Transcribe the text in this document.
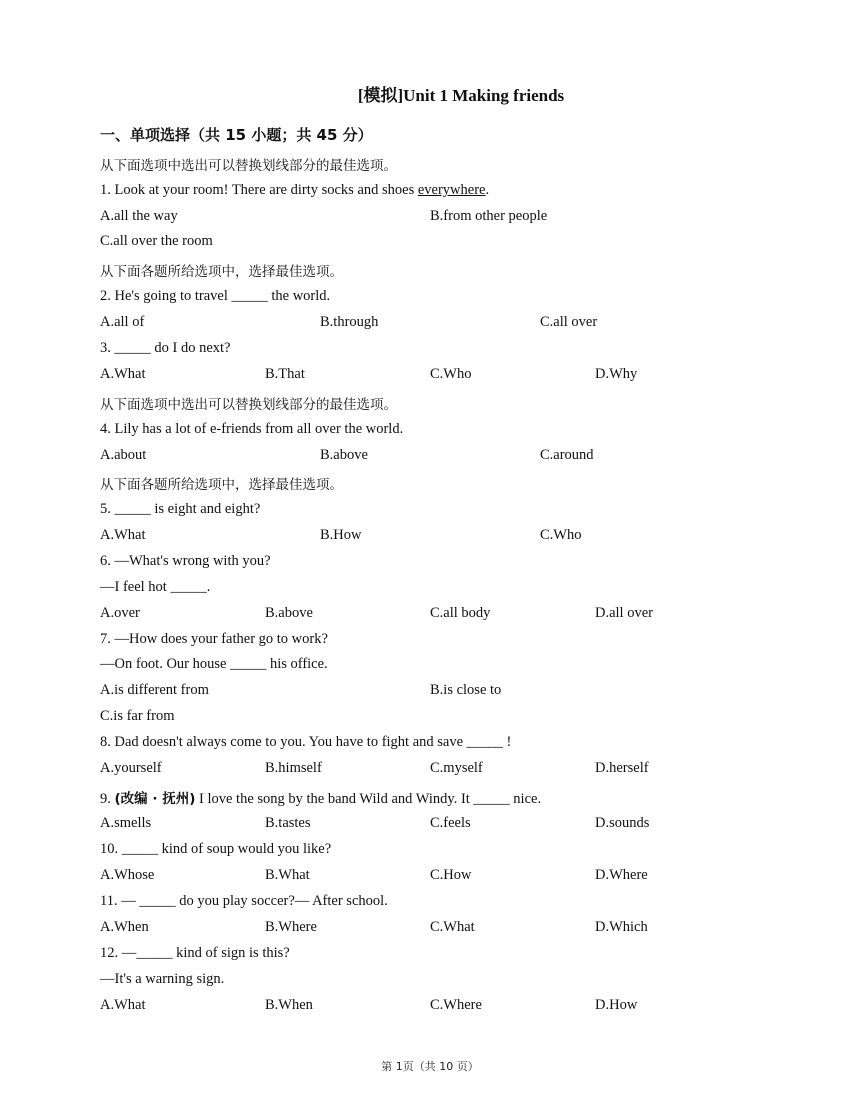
[模拟]Unit 1 Making friends
一、单项选择（共 15 小题；共 45 分）
从下面选项中选出可以替换划线部分的最佳选项。
1. Look at your room! There are dirty socks and shoes everywhere.
A.all the way	B.from other people
C.all over the room
从下面各题所给选项中，选择最佳选项。
2. He's going to travel _____ the world.
A.all of	B.through	C.all over
3. _____ do I do next?
A.What	B.That	C.Who	D.Why
从下面选项中选出可以替换划线部分的最佳选项。
4. Lily has a lot of e-friends from all over the world.
A.about	B.above	C.around
从下面各题所给选项中，选择最佳选项。
5. _____ is eight and eight?
A.What	B.How	C.Who
6. —What's wrong with you?
—I feel hot _____.
A.over	B.above	C.all body	D.all over
7. —How does your father go to work?
—On foot. Our house _____ his office.
A.is different from	B.is close to
C.is far from
8. Dad doesn't always come to you. You have to fight and save _____ !
A.yourself	B.himself	C.myself	D.herself
9. (改编 · 抚州) I love the song by the band Wild and Windy. It _____ nice.
A.smells	B.tastes	C.feels	D.sounds
10. _____ kind of soup would you like?
A.Whose	B.What	C.How	D.Where
11. — _____ do you play soccer?— After school.
A.When	B.Where	C.What	D.Which
12. —_____ kind of sign is this?
—It's a warning sign.
A.What	B.When	C.Where	D.How
第 1页（共 10 页）
